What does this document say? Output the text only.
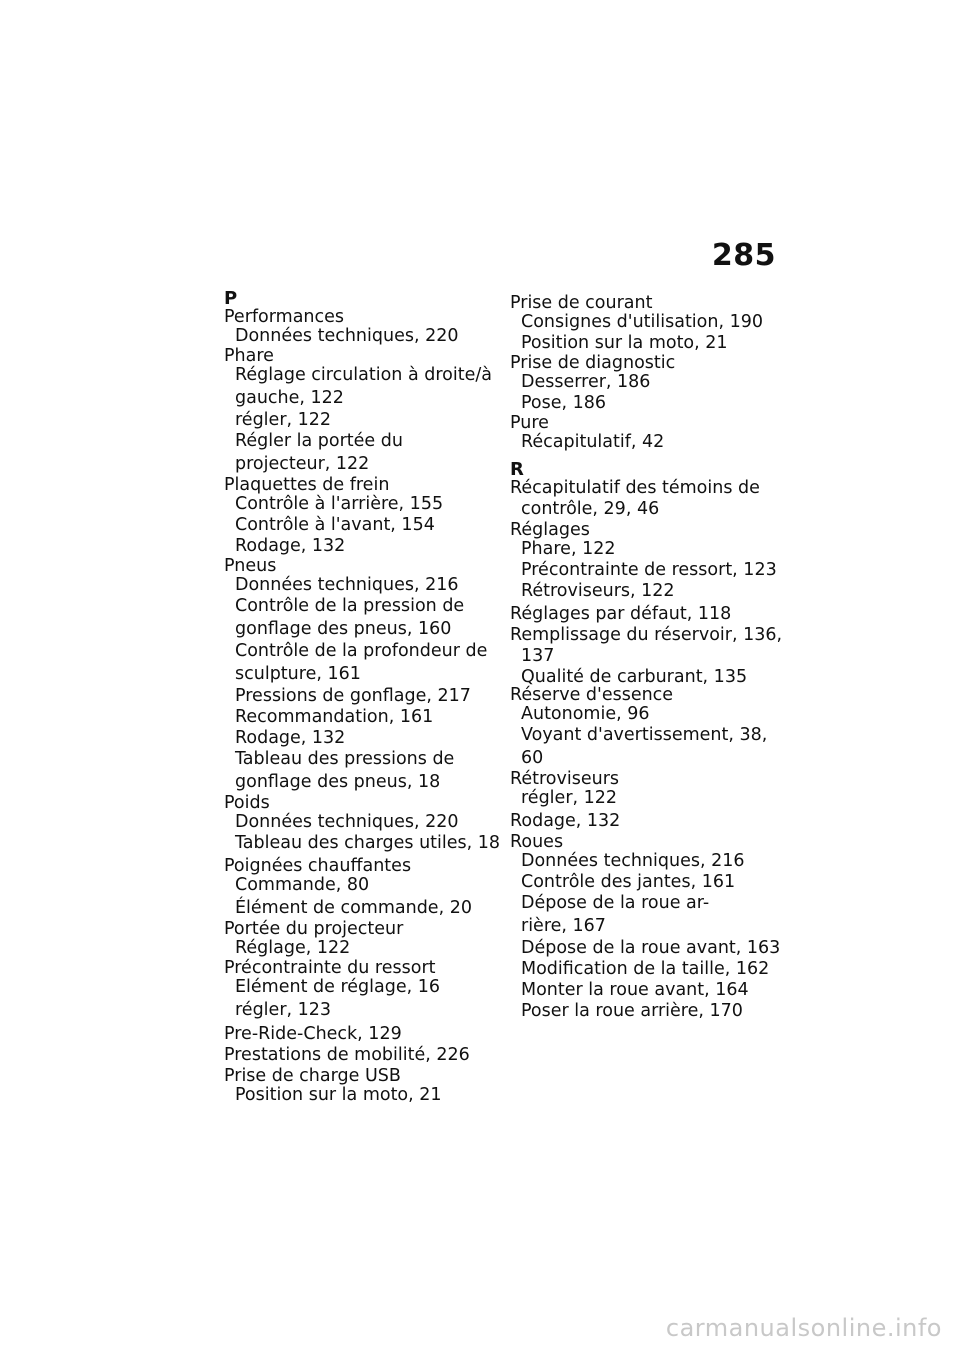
285
P
Performances
Données techniques, 220
Phare
Réglage circulation à droite/à
gauche, 122
régler, 122
Régler la portée du
projecteur, 122
Plaquettes de frein
Contrôle à l'arrière, 155
Contrôle à l'avant, 154
Rodage, 132
Pneus
Données techniques, 216
Contrôle de la pression de
gonflage des pneus, 160
Contrôle de la profondeur de
sculpture, 161
Pressions de gonflage, 217
Recommandation, 161
Rodage, 132
Tableau des pressions de
gonflage des pneus, 18
Poids
Données techniques, 220
Tableau des charges utiles, 18
Poignées chauffantes
Commande, 80
Élément de commande, 20
Portée du projecteur
Réglage, 122
Précontrainte du ressort
Elément de réglage, 16
régler, 123
Pre-Ride-Check, 129
Prestations de mobilité, 226
Prise de charge USB
Position sur la moto, 21
Prise de courant
Consignes d'utilisation, 190
Position sur la moto, 21
Prise de diagnostic
Desserrer, 186
Pose, 186
Pure
Récapitulatif, 42
R
Récapitulatif des témoins de
contrôle, 29, 46
Réglages
Phare, 122
Précontrainte de ressort, 123
Rétroviseurs, 122
Réglages par défaut, 118
Remplissage du réservoir, 136,
137
Qualité de carburant, 135
Réserve d'essence
Autonomie, 96
Voyant d'avertissement, 38,
60
Rétroviseurs
régler, 122
Rodage, 132
Roues
Données techniques, 216
Contrôle des jantes, 161
Dépose de la roue ar-
rière, 167
Dépose de la roue avant, 163
Modification de la taille, 162
Monter la roue avant, 164
Poser la roue arrière, 170
carmanualsonline.info
